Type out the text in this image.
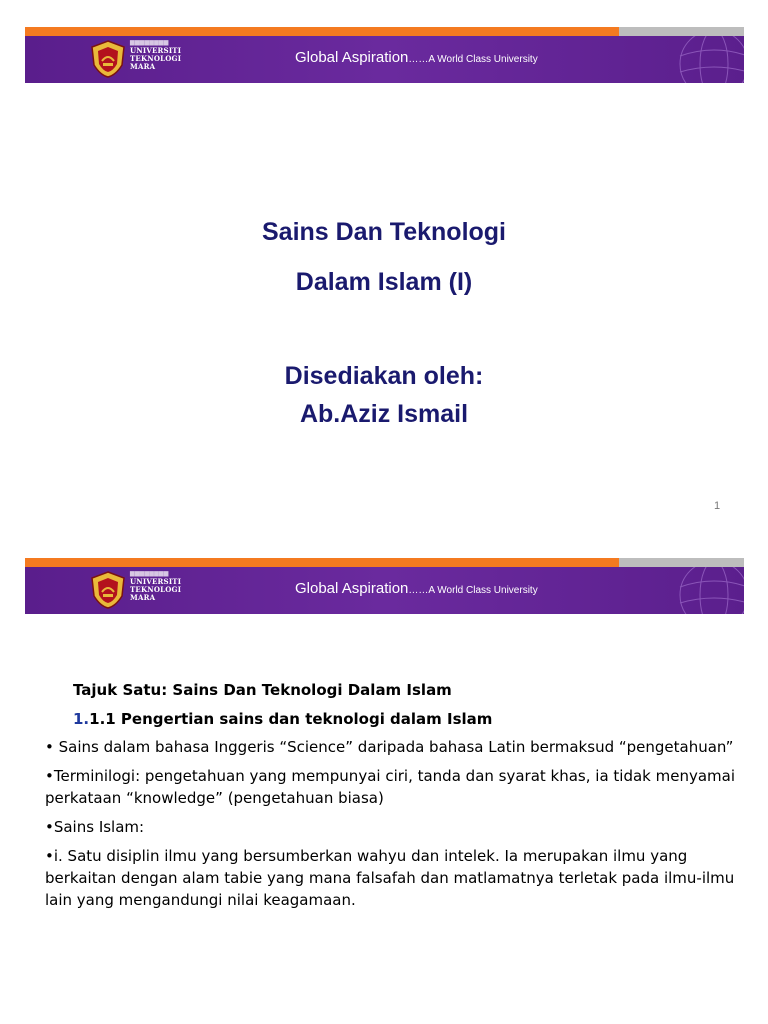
▆▆▆▆▆▆▆▆
UNIVERSITI
TEKNOLOGI
MARA
Global Aspiration……A World Class University
Sains Dan Teknologi
Dalam Islam (I)
Disediakan oleh:
Ab.Aziz Ismail
1
▆▆▆▆▆▆▆▆
UNIVERSITI
TEKNOLOGI
MARA
Global Aspiration……A World Class University
Tajuk Satu: Sains Dan Teknologi Dalam Islam
1.1.1 Pengertian sains dan teknologi dalam Islam
• Sains dalam bahasa Inggeris “Science” daripada bahasa Latin bermaksud “pengetahuan”
•Terminilogi: pengetahuan yang mempunyai ciri, tanda dan syarat khas, ia tidak menyamai perkataan “knowledge” (pengetahuan biasa)
•Sains Islam:
•i. Satu disiplin ilmu yang bersumberkan wahyu dan intelek. Ia merupakan ilmu yang berkaitan dengan alam tabie yang mana falsafah dan matlamatnya terletak pada ilmu-ilmu lain yang mengandungi nilai keagamaan.
